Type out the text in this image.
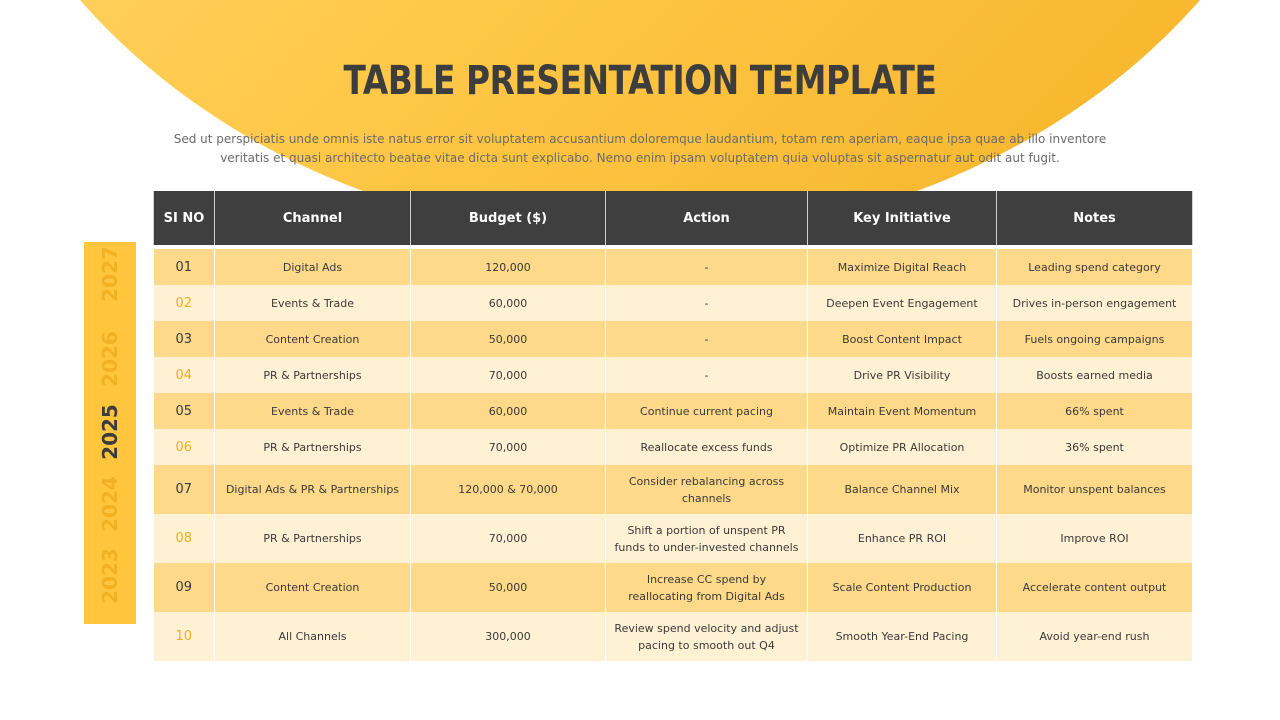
TABLE PRESENTATION TEMPLATE
Sed ut perspiciatis unde omnis iste natus error sit voluptatem accusantium doloremque laudantium, totam rem aperiam, eaque ipsa quae ab illo inventore veritatis et quasi architecto beatae vitae dicta sunt explicabo. Nemo enim ipsam voluptatem quia voluptas sit aspernatur aut odit aut fugit.
2027
2026
2025
2024
2023
SI NO	Channel	Budget ($)	Action	Key Initiative	Notes
01	Digital Ads	120,000	-	Maximize Digital Reach	Leading spend category
02	Events & Trade	60,000	-	Deepen Event Engagement	Drives in-person engagement
03	Content Creation	50,000	-	Boost Content Impact	Fuels ongoing campaigns
04	PR & Partnerships	70,000	-	Drive PR Visibility	Boosts earned media
05	Events & Trade	60,000	Continue current pacing	Maintain Event Momentum	66% spent
06	PR & Partnerships	70,000	Reallocate excess funds	Optimize PR Allocation	36% spent
07	Digital Ads & PR & Partnerships	120,000 & 70,000	Consider rebalancing across channels	Balance Channel Mix	Monitor unspent balances
08	PR & Partnerships	70,000	Shift a portion of unspent PR funds to under-invested channels	Enhance PR ROI	Improve ROI
09	Content Creation	50,000	Increase CC spend by reallocating from Digital Ads	Scale Content Production	Accelerate content output
10	All Channels	300,000	Review spend velocity and adjust pacing to smooth out Q4	Smooth Year-End Pacing	Avoid year-end rush
